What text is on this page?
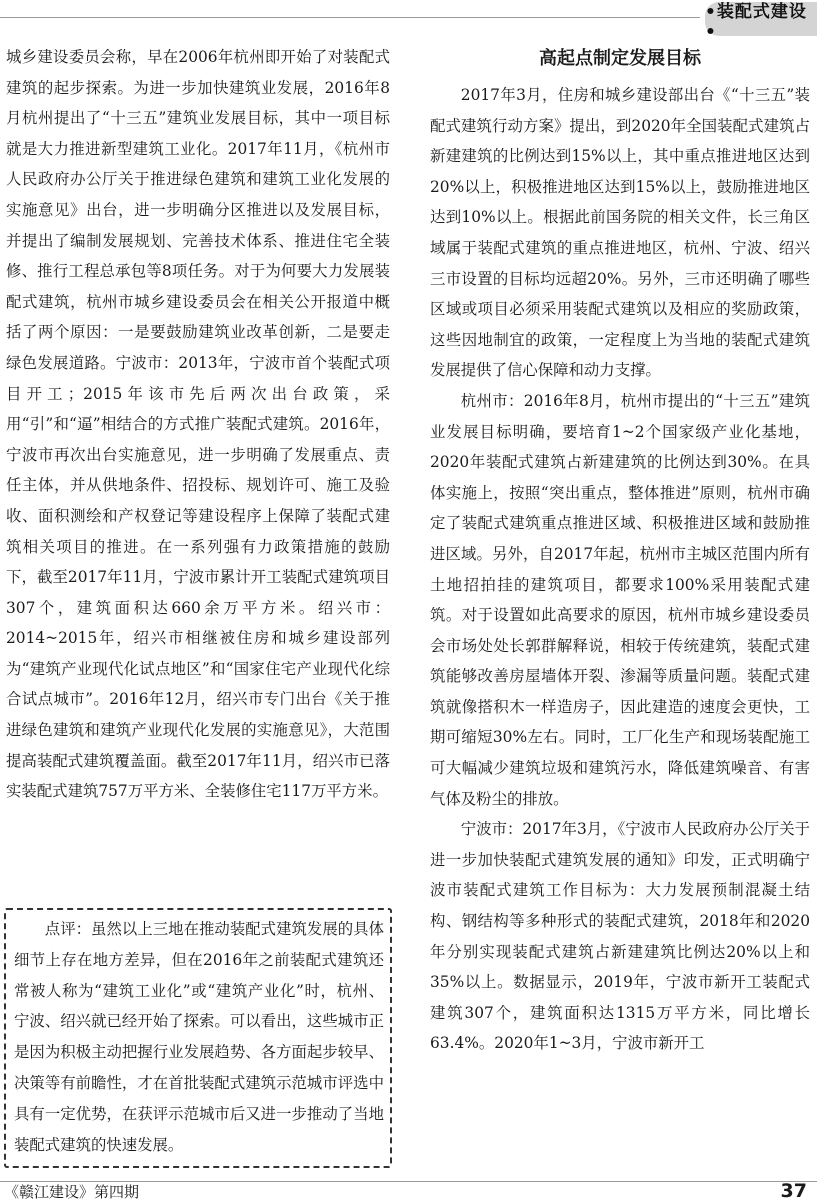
•装配式建设•

城乡建设委员会称，早在2006年杭州即开始了对装配式建筑的起步探索。为进一步加快建筑业发展，2016年8月杭州提出了“十三五”建筑业发展目标，其中一项目标就是大力推进新型建筑工业化。2017年11月，《杭州市人民政府办公厅关于推进绿色建筑和建筑工业化发展的实施意见》出台，进一步明确分区推进以及发展目标，并提出了编制发展规划、完善技术体系、推进住宅全装修、推行工程总承包等8项任务。对于为何要大力发展装配式建筑，杭州市城乡建设委员会在相关公开报道中概括了两个原因：一是要鼓励建筑业改革创新，二是要走绿色发展道路。宁波市：2013年，宁波市首个装配式项目开工；2015年该市先后两次出台政策，采用“引”和“逼”相结合的方式推广装配式建筑。2016年，宁波市再次出台实施意见，进一步明确了发展重点、责任主体，并从供地条件、招投标、规划许可、施工及验收、面积测绘和产权登记等建设程序上保障了装配式建筑相关项目的推进。在一系列强有力政策措施的鼓励下，截至2017年11月，宁波市累计开工装配式建筑项目307个，建筑面积达660余万平方米。绍兴市：2014~2015年，绍兴市相继被住房和城乡建设部列为“建筑产业现代化试点地区”和“国家住宅产业现代化综合试点城市”。2016年12月，绍兴市专门出台《关于推进绿色建筑和建筑产业现代化发展的实施意见》，大范围提高装配式建筑覆盖面。截至2017年11月，绍兴市已落实装配式建筑757万平方米、全装修住宅117万平方米。

点评：虽然以上三地在推动装配式建筑发展的具体细节上存在地方差异，但在2016年之前装配式建筑还常被人称为“建筑工业化”或“建筑产业化”时，杭州、宁波、绍兴就已经开始了探索。可以看出，这些城市正是因为积极主动把握行业发展趋势、各方面起步较早、决策等有前瞻性，才在首批装配式建筑示范城市评选中具有一定优势，在获评示范城市后又进一步推动了当地装配式建筑的快速发展。

高起点制定发展目标

2017年3月，住房和城乡建设部出台《“十三五”装配式建筑行动方案》提出，到2020年全国装配式建筑占新建建筑的比例达到15%以上，其中重点推进地区达到20%以上，积极推进地区达到15%以上，鼓励推进地区达到10%以上。根据此前国务院的相关文件，长三角区域属于装配式建筑的重点推进地区，杭州、宁波、绍兴三市设置的目标均远超20%。另外，三市还明确了哪些区域或项目必须采用装配式建筑以及相应的奖励政策，这些因地制宜的政策，一定程度上为当地的装配式建筑发展提供了信心保障和动力支撑。

杭州市：2016年8月，杭州市提出的“十三五”建筑业发展目标明确，要培育1~2个国家级产业化基地，2020年装配式建筑占新建建筑的比例达到30%。在具体实施上，按照“突出重点，整体推进”原则，杭州市确定了装配式建筑重点推进区域、积极推进区域和鼓励推进区域。另外，自2017年起，杭州市主城区范围内所有土地招拍挂的建筑项目，都要求100%采用装配式建筑。对于设置如此高要求的原因，杭州市城乡建设委员会市场处处长郭群解释说，相较于传统建筑，装配式建筑能够改善房屋墙体开裂、渗漏等质量问题。装配式建筑就像搭积木一样造房子，因此建造的速度会更快，工期可缩短30%左右。同时，工厂化生产和现场装配施工可大幅减少建筑垃圾和建筑污水，降低建筑噪音、有害气体及粉尘的排放。

宁波市：2017年3月，《宁波市人民政府办公厅关于进一步加快装配式建筑发展的通知》印发，正式明确宁波市装配式建筑工作目标为：大力发展预制混凝土结构、钢结构等多种形式的装配式建筑，2018年和2020年分别实现装配式建筑占新建建筑比例达20%以上和35%以上。数据显示，2019年，宁波市新开工装配式建筑307个，建筑面积达1315万平方米，同比增长63.4%。2020年1~3月，宁波市新开工

《赣江建设》第四期	37
